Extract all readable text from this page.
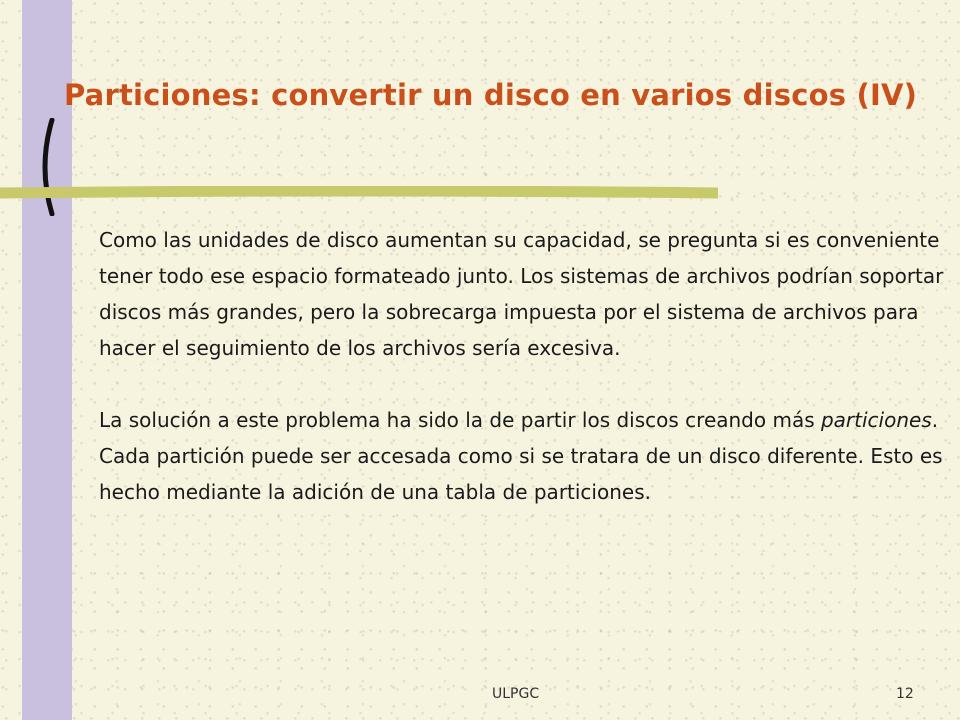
Particiones: convertir un disco en varios discos (IV)

Como las unidades de disco aumentan su capacidad, se pregunta si es conveniente tener todo ese espacio formateado junto. Los sistemas de archivos podrían soportar discos más grandes, pero la sobrecarga impuesta por el sistema de archivos para hacer el seguimiento de los archivos sería excesiva.

La solución a este problema ha sido la de partir los discos creando más particiones. Cada partición puede ser accesada como si se tratara de un disco diferente. Esto es hecho mediante la adición de una tabla de particiones.

ULPGC	12
